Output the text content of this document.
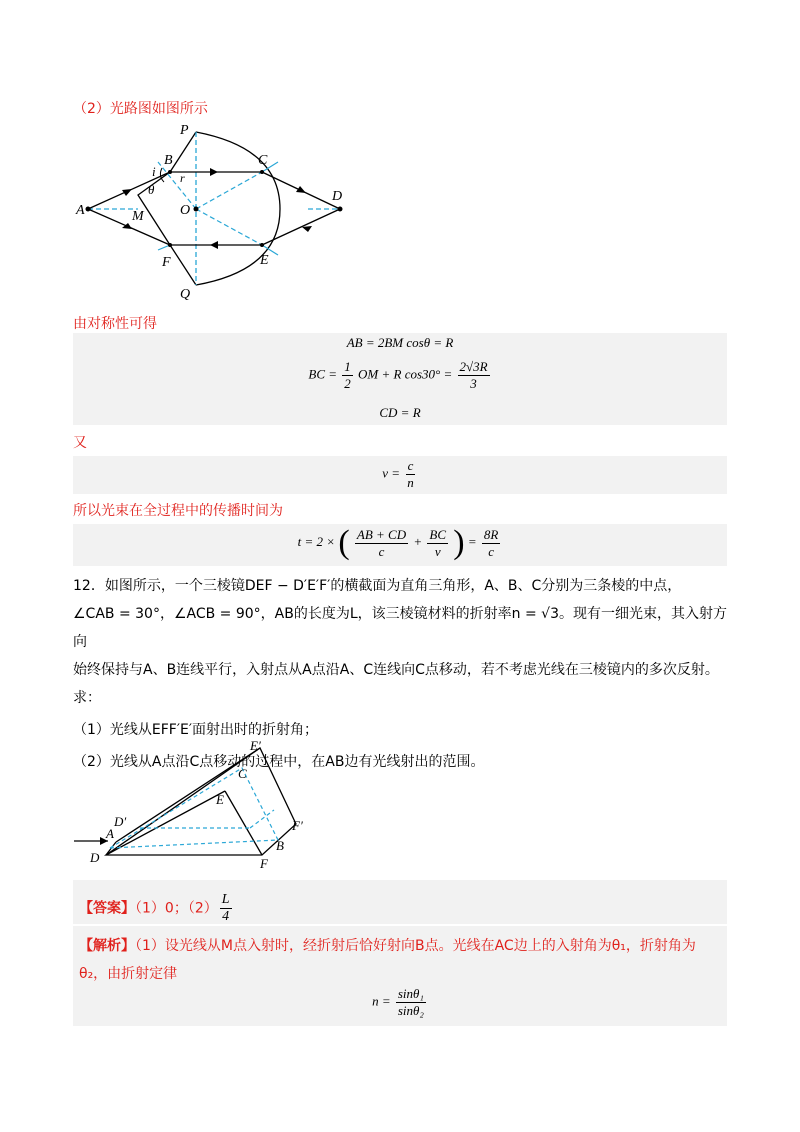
（2）光路图如图所示
P
B	C
i r
θ
A	M	O
D
F	E
Q
由对称性可得
AB = 2BM cosθ = R
BC = $\frac{1}{2}$ OM + R $\cos 30^\circ = \frac{2√3R}{3}$
CD = R
又
$v = \frac{c}{n}$
所以光束在全过程中的传播时间为
t = 2 × ( $\frac{AB + CD}{c} + \frac{BC}{v}$ ) = $\frac{8R}{c}$
12．如图所示，一个三棱镜DEF − D′E′F′的横截面为直角三角形，A、B、C分别为三条棱的中点，
∠CAB = 30°，∠ACB = 90°，AB的长度为L，该三棱镜材料的折射率n = √3。现有一细光束，其入射方向
始终保持与A、B连线平行，入射点从A点沿A、C连线向C点移动，若不考虑光线在三棱镜内的多次反射。
求：
（1）光线从EFF′E′面射出时的折射角；
（2）光线从A点沿C点移动的过程中，在AB边有光线射出的范围。
E′
C
E
D′
A
F′
B
D	F
【答案】（1）0；$(2) \frac{L}{4}$
【解析】（1）设光线从M点入射时，经折射后恰好射向B点。光线在AC边上的入射角为θ₁，折射角为
θ₂，由折射定律
$n = \frac{\text{sinθ₁}}{\text{sinθ₂}}$
